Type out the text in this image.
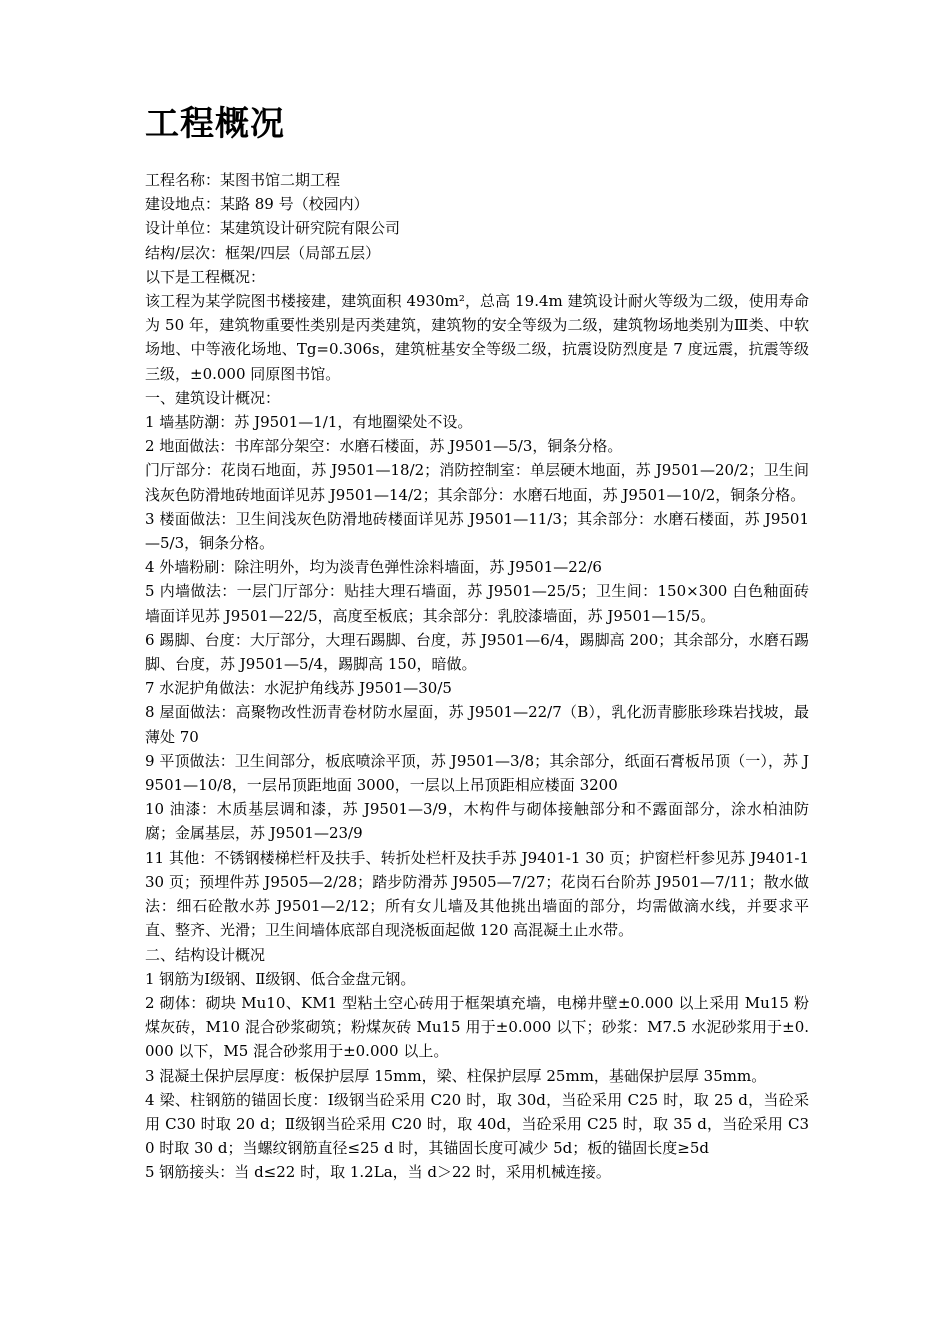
工程概况

工程名称：某图书馆二期工程

建设地点：某路 89 号（校园内）

设计单位：某建筑设计研究院有限公司

结构/层次：框架/四层（局部五层）

以下是工程概况：

该工程为某学院图书楼接建，建筑面积 4930m²，总高 19.4m 建筑设计耐火等级为二级，使用寿命为 50 年，建筑物重要性类别是丙类建筑，建筑物的安全等级为二级，建筑物场地类别为Ⅲ类、中软场地、中等液化场地、Tg=0.306s，建筑桩基安全等级二级，抗震设防烈度是 7 度远震，抗震等级三级，±0.000 同原图书馆。

一、建筑设计概况：

1 墙基防潮：苏 J9501—1/1，有地圈梁处不设。

2 地面做法：书库部分架空：水磨石楼面，苏 J9501—5/3，铜条分格。

门厅部分：花岗石地面，苏 J9501—18/2；消防控制室：单层硬木地面，苏 J9501—20/2；卫生间浅灰色防滑地砖地面详见苏 J9501—14/2；其余部分：水磨石地面，苏 J9501—10/2，铜条分格。

3 楼面做法：卫生间浅灰色防滑地砖楼面详见苏 J9501—11/3；其余部分：水磨石楼面，苏 J9501—5/3，铜条分格。

4 外墙粉刷：除注明外，均为淡青色弹性涂料墙面，苏 J9501—22/6

5 内墙做法：一层门厅部分：贴挂大理石墙面，苏 J9501—25/5；卫生间：150×300 白色釉面砖墙面详见苏 J9501—22/5，高度至板底；其余部分：乳胶漆墙面，苏 J9501—15/5。

6 踢脚、台度：大厅部分，大理石踢脚、台度，苏 J9501—6/4，踢脚高 200；其余部分，水磨石踢脚、台度，苏 J9501—5/4，踢脚高 150，暗做。

7 水泥护角做法：水泥护角线苏 J9501—30/5

8 屋面做法：高聚物改性沥青卷材防水屋面，苏 J9501—22/7（B），乳化沥青膨胀珍珠岩找坡，最薄处 70

9 平顶做法：卫生间部分，板底喷涂平顶，苏 J9501—3/8；其余部分，纸面石膏板吊顶（一），苏 J9501—10/8，一层吊顶距地面 3000，一层以上吊顶距相应楼面 3200

10 油漆：木质基层调和漆，苏 J9501—3/9，木构件与砌体接触部分和不露面部分，涂水柏油防腐；金属基层，苏 J9501—23/9

11 其他：不锈钢楼梯栏杆及扶手、转折处栏杆及扶手苏 J9401-1 30 页；护窗栏杆参见苏 J9401-1 30 页；预埋件苏 J9505—2/28；踏步防滑苏 J9505—7/27；花岗石台阶苏 J9501—7/11；散水做法：细石砼散水苏 J9501—2/12；所有女儿墙及其他挑出墙面的部分，均需做滴水线，并要求平直、整齐、光滑；卫生间墙体底部自现浇板面起做 120 高混凝土止水带。

二、结构设计概况

1 钢筋为Ⅰ级钢、Ⅱ级钢、低合金盘元钢。

2 砌体：砌块 Mu10、KM1 型粘土空心砖用于框架填充墙，电梯井壁±0.000 以上采用 Mu15 粉煤灰砖，M10 混合砂浆砌筑；粉煤灰砖 Mu15 用于±0.000 以下；砂浆：M7.5 水泥砂浆用于±0.000 以下，M5 混合砂浆用于±0.000 以上。

3 混凝土保护层厚度：板保护层厚 15mm，梁、柱保护层厚 25mm，基础保护层厚 35mm。

4 梁、柱钢筋的锚固长度：Ⅰ级钢当砼采用 C20 时，取 30d，当砼采用 C25 时，取 25 d，当砼采用 C30 时取 20 d；Ⅱ级钢当砼采用 C20 时，取 40d，当砼采用 C25 时，取 35 d，当砼采用 C30 时取 30 d；当螺纹钢筋直径≤25 d 时，其锚固长度可减少 5d；板的锚固长度≥5d

5 钢筋接头：当 d≤22 时，取 1.2La，当 d＞22 时，采用机械连接。
